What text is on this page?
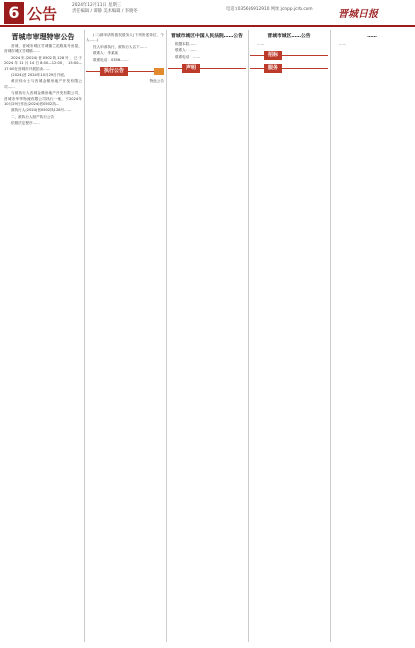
6 公告	2024年12月11日 星期三
责任编辑 / 谭静 美术编辑 / 李晓冬	电话:(0356)6912910 网址:jcnpp.jcrb.com	晋城日报
晋城市审理特审公告

晋城、晋城市城区甘城镇兰花路某号房屋，晋城市城区甘城镇……

2024年(2024)晋0502执128号，已于2024年11月14日8:00—12:00，15:00—17:00在晋城市开展拍卖……

(2024)晋 2024年10月29日开庭。

黄庆伟女士与晋城金鼎房地产开发有限公司……

与被执行人晋城金鼎房地产开发有限公司、晋城市华华物流有限公司执行一案，于2024年10月29日作出(2024)晋0502执…

被执行人(2024)晋0502执128号……

二、被执行人财产执行公告

依照法定程序……

(二)被申请的债权债务人(下列所述单位、个人……)

经人申请执行，被执行人名下……

联系人：李某某

联系电话：0356-……

执行公告

特此公告

晋城市城区中国人民法院……公告

根据本院……

联系人：……

联系电话：……

声明
晋城市城区……公告

……

招标
服务
……

……
